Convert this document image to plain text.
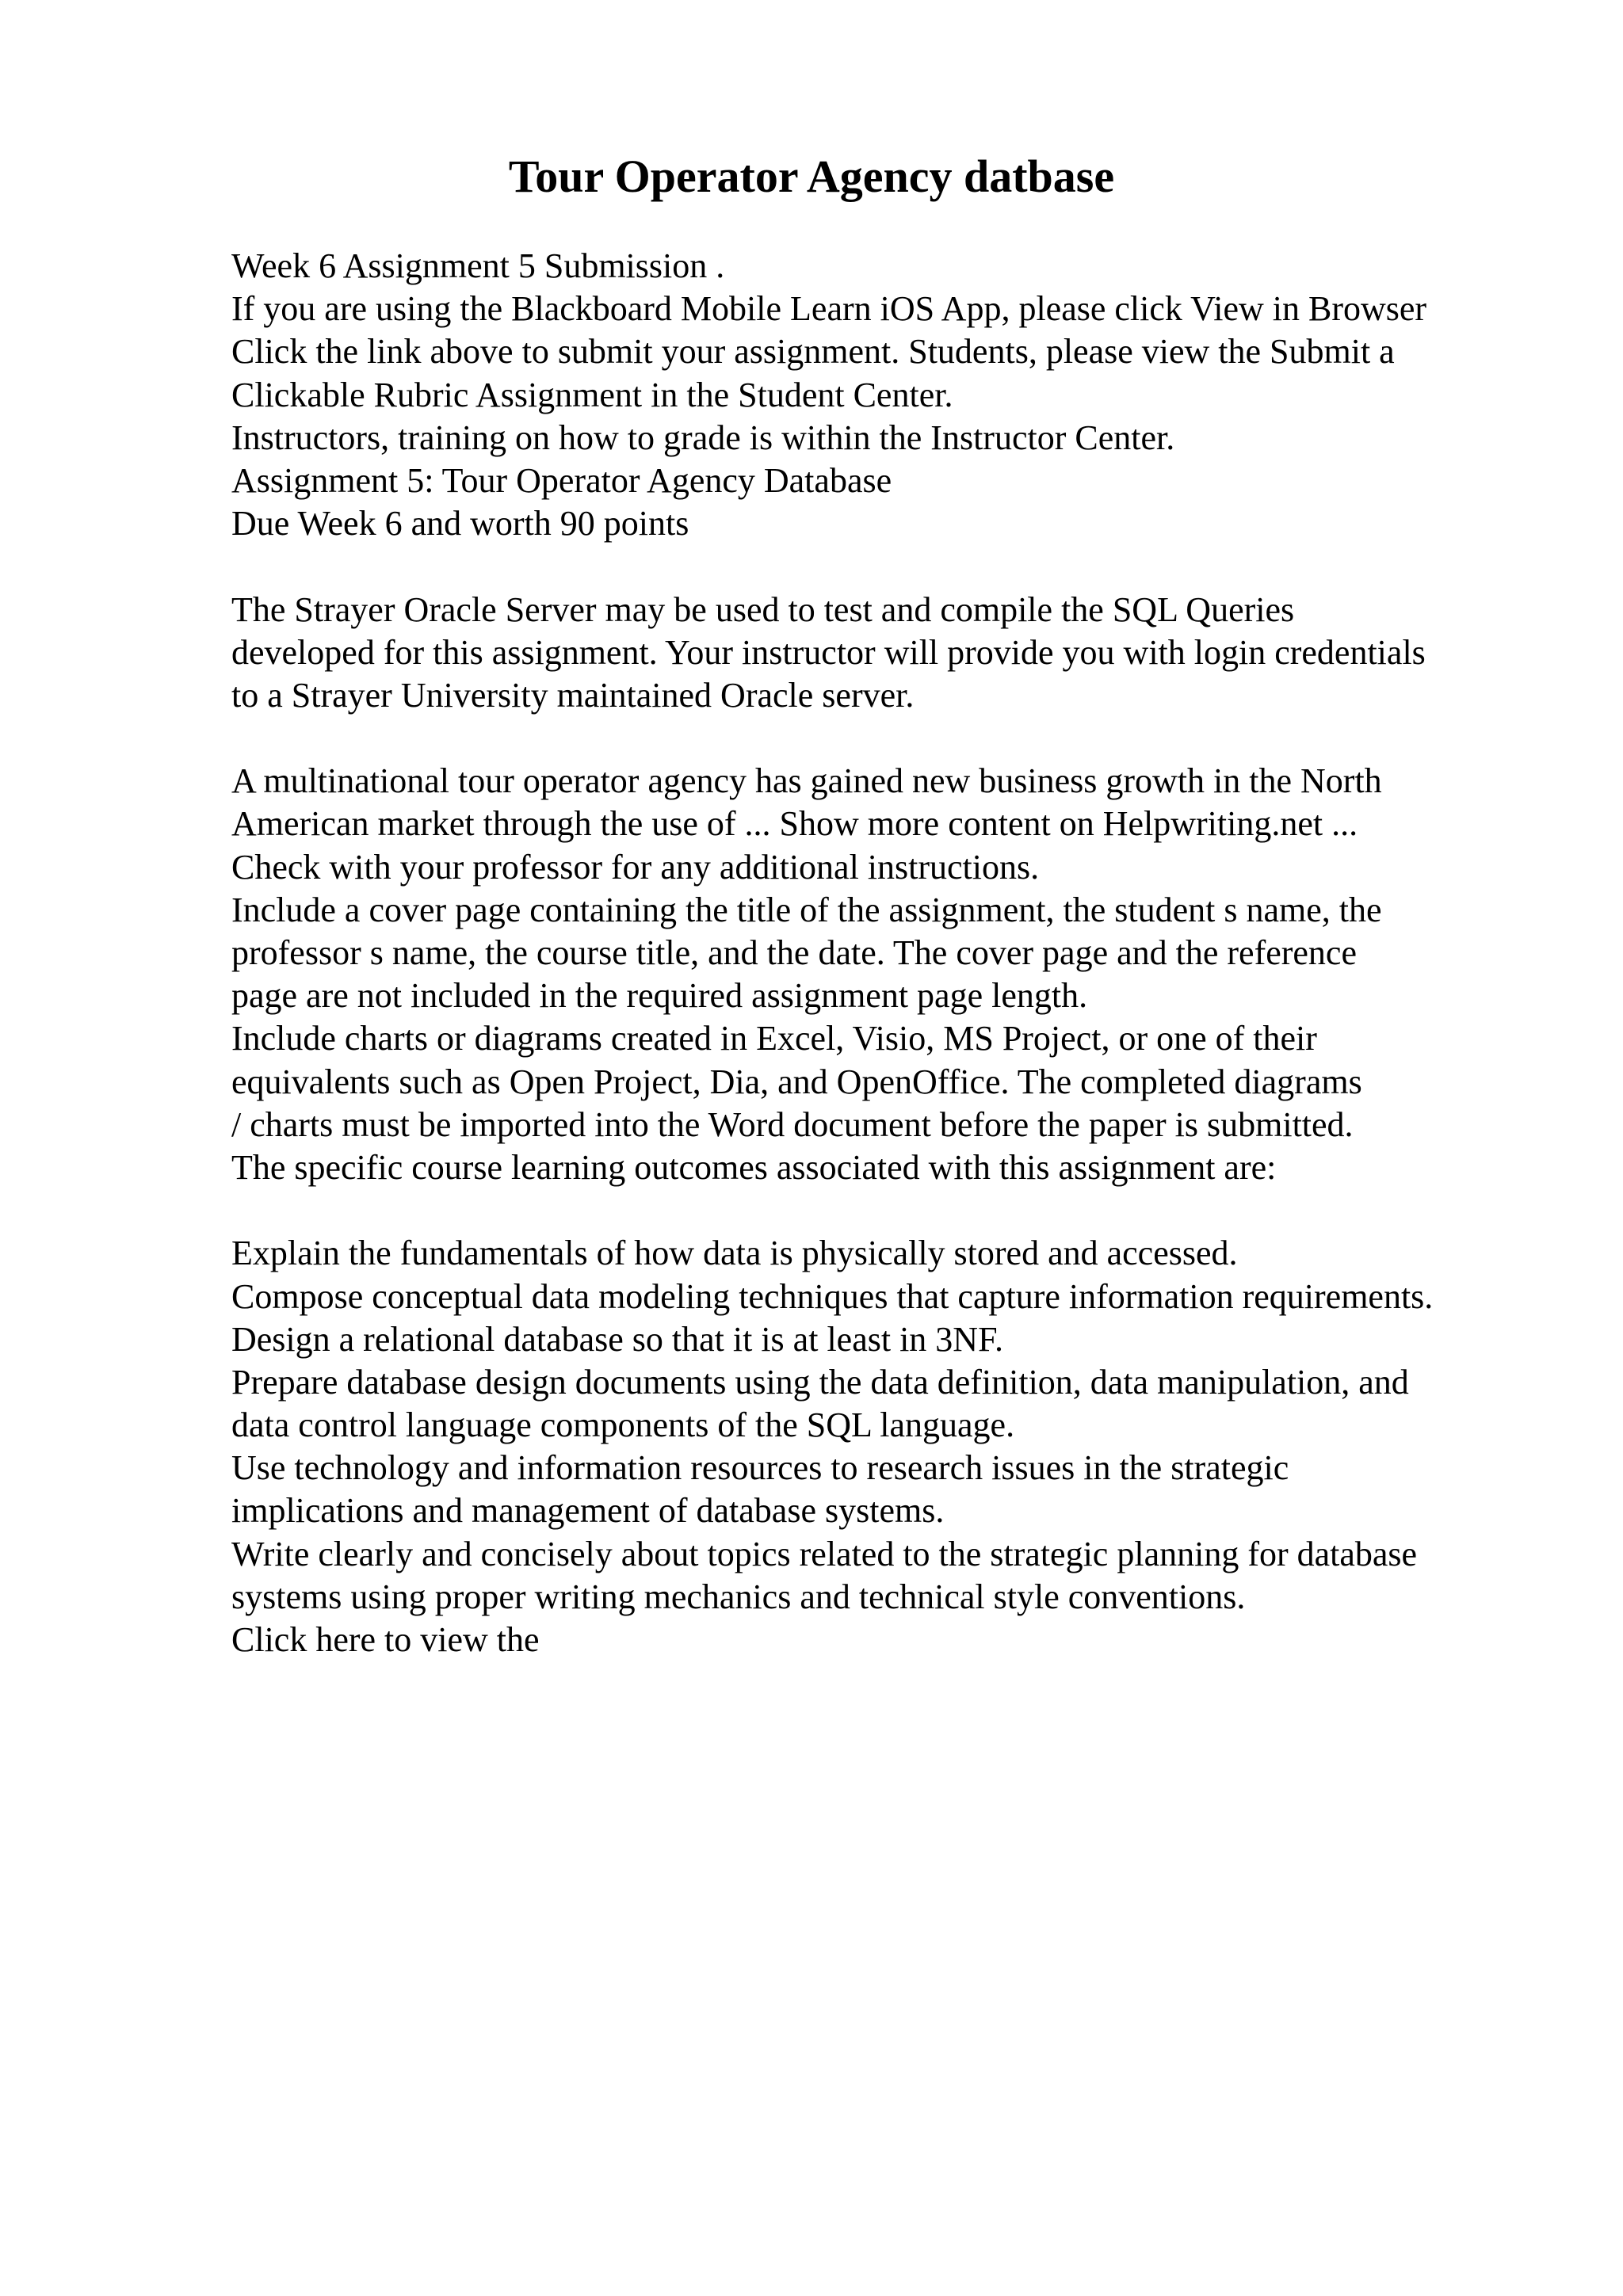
Tour Operator Agency datbase
Week 6 Assignment 5 Submission .
If you are using the Blackboard Mobile Learn iOS App, please click View in Browser
Click the link above to submit your assignment. Students, please view the Submit a
Clickable Rubric Assignment in the Student Center.
Instructors, training on how to grade is within the Instructor Center.
Assignment 5: Tour Operator Agency Database
Due Week 6 and worth 90 points
The Strayer Oracle Server may be used to test and compile the SQL Queries
developed for this assignment. Your instructor will provide you with login credentials
to a Strayer University maintained Oracle server.
A multinational tour operator agency has gained new business growth in the North
American market through the use of ... Show more content on Helpwriting.net ...
Check with your professor for any additional instructions.
Include a cover page containing the title of the assignment, the student s name, the
professor s name, the course title, and the date. The cover page and the reference
page are not included in the required assignment page length.
Include charts or diagrams created in Excel, Visio, MS Project, or one of their
equivalents such as Open Project, Dia, and OpenOffice. The completed diagrams
/ charts must be imported into the Word document before the paper is submitted.
The specific course learning outcomes associated with this assignment are:
Explain the fundamentals of how data is physically stored and accessed.
Compose conceptual data modeling techniques that capture information requirements.
Design a relational database so that it is at least in 3NF.
Prepare database design documents using the data definition, data manipulation, and
data control language components of the SQL language.
Use technology and information resources to research issues in the strategic
implications and management of database systems.
Write clearly and concisely about topics related to the strategic planning for database
systems using proper writing mechanics and technical style conventions.
Click here to view the
